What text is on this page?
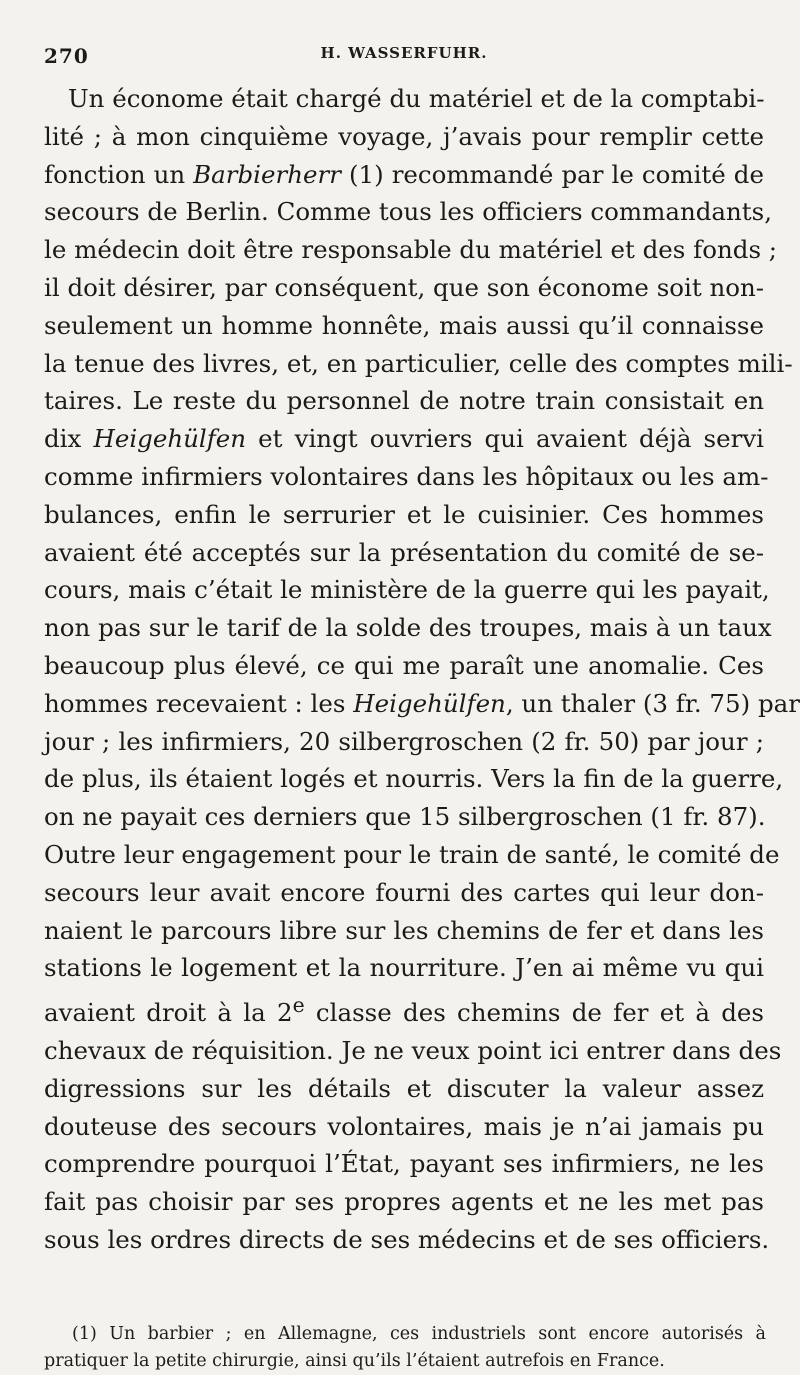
270	H. WASSERFUHR.
Un économe était chargé du matériel et de la comptabi-
lité ; à mon cinquième voyage, j’avais pour remplir cette
fonction un Barbierherr (1) recommandé par le comité de
secours de Berlin. Comme tous les officiers commandants,
le médecin doit être responsable du matériel et des fonds ;
il doit désirer, par conséquent, que son économe soit non-
seulement un homme honnête, mais aussi qu’il connaisse
la tenue des livres, et, en particulier, celle des comptes mili-
taires. Le reste du personnel de notre train consistait en
dix Heigehülfen et vingt ouvriers qui avaient déjà servi
comme infirmiers volontaires dans les hôpitaux ou les am-
bulances, enfin le serrurier et le cuisinier. Ces hommes
avaient été acceptés sur la présentation du comité de se-
cours, mais c’était le ministère de la guerre qui les payait,
non pas sur le tarif de la solde des troupes, mais à un taux
beaucoup plus élevé, ce qui me paraît une anomalie. Ces
hommes recevaient : les Heigehülfen, un thaler (3 fr. 75) par
jour ; les infirmiers, 20 silbergroschen (2 fr. 50) par jour ;
de plus, ils étaient logés et nourris. Vers la fin de la guerre,
on ne payait ces derniers que 15 silbergroschen (1 fr. 87).
Outre leur engagement pour le train de santé, le comité de
secours leur avait encore fourni des cartes qui leur don-
naient le parcours libre sur les chemins de fer et dans les
stations le logement et la nourriture. J’en ai même vu qui
avaient droit à la 2e classe des chemins de fer et à des
chevaux de réquisition. Je ne veux point ici entrer dans des
digressions sur les détails et discuter la valeur assez
douteuse des secours volontaires, mais je n’ai jamais pu
comprendre pourquoi l’État, payant ses infirmiers, ne les
fait pas choisir par ses propres agents et ne les met pas
sous les ordres directs de ses médecins et de ses officiers.
(1) Un barbier ; en Allemagne, ces industriels sont encore autorisés à
pratiquer la petite chirurgie, ainsi qu’ils l’étaient autrefois en France.
